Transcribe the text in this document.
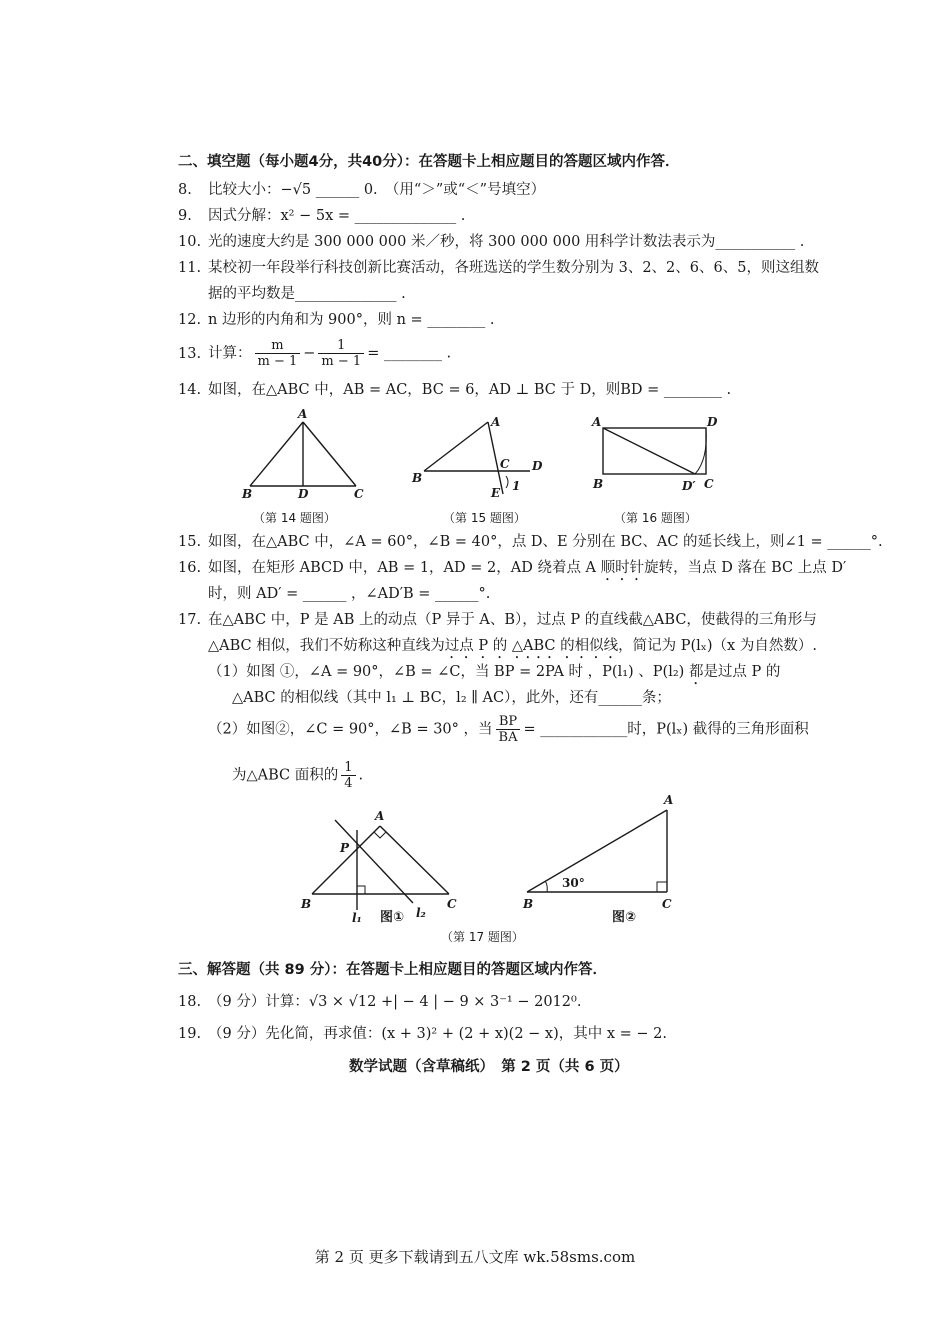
二、填空题（每小题4分，共40分）：在答题卡上相应题目的答题区域内作答．
8. 比较大小：−√5 ______ 0.　（用“＞”或“＜”号填空）
9. 因式分解：x² − 5x = ______________ .
10. 光的速度大约是 300 000 000 米／秒，将 300 000 000 用科学计数法表示为___________ .
11. 某校初一年段举行科技创新比赛活动，各班选送的学生数分别为 3、2、2、6、6、5，则这组数
据的平均数是______________ .
12. n 边形的内角和为 900°，则 n = ________ .
13. 计算： $\frac{m}{m - 1} - \frac{1}{m - 1}$ = ________ .
14. 如图，在△ABC 中，AB = AC，BC = 6，AD ⊥ BC 于 D，则BD = ________ .
A
B	D	C
A
B
C D
E 1
A	D
B	D′ C
（第 14 题图）	（第 15 题图）	（第 16 题图）
15. 如图，在△ABC 中，∠A = 60°，∠B = 40°，点 D、E 分别在 BC、AC 的延长线上，则∠1 = ______°.
16. 如图，在矩形 ABCD 中，AB = 1，AD = 2，AD 绕着点 A 顺时针旋转，当点 D 落在 BC 上点 D′
时，则 AD′ = ______ ，∠AD′B = ______°.
17. 在△ABC 中，P 是 AB 上的动点（P 异于 A、B），过点 P 的直线截△ABC，使截得的三角形与
△ABC 相似，我们不妨称这种直线为过点 P 的 △ABC 的相似线，简记为 P(lₓ)（x 为自然数）.
（1）如图 ①，∠A = 90°，∠B = ∠C，当 BP = 2PA 时 ，P(l₁) 、P(l₂) 都是过点 P 的
△ABC 的相似线（其中 l₁ ⊥ BC，l₂ ∥ AC），此外，还有______条；
（2）如图②，∠C = 90°，∠B = 30° ，当 $\frac{BP}{BA}$ = ____________时，P(lₓ) 截得的三角形面积
为△ABC 面积的 $\frac{1}{4}$ .
A
P
B	C
l₁	l₂
图①
A
B	C
30°
图②
（第 17 题图）
三、解答题（共 89 分）：在答题卡上相应题目的答题区域内作答．
18. （9 分）计算：√3 × √12 +| − 4 | − 9 × 3⁻¹ − 2012⁰.
19. （9 分）先化简，再求值：(x + 3)² + (2 + x)(2 − x)，其中 x = − 2.
数学试题（含草稿纸）　第 2 页（共 6 页）
第 2 页 更多下载请到五八文库 wk.58sms.com
